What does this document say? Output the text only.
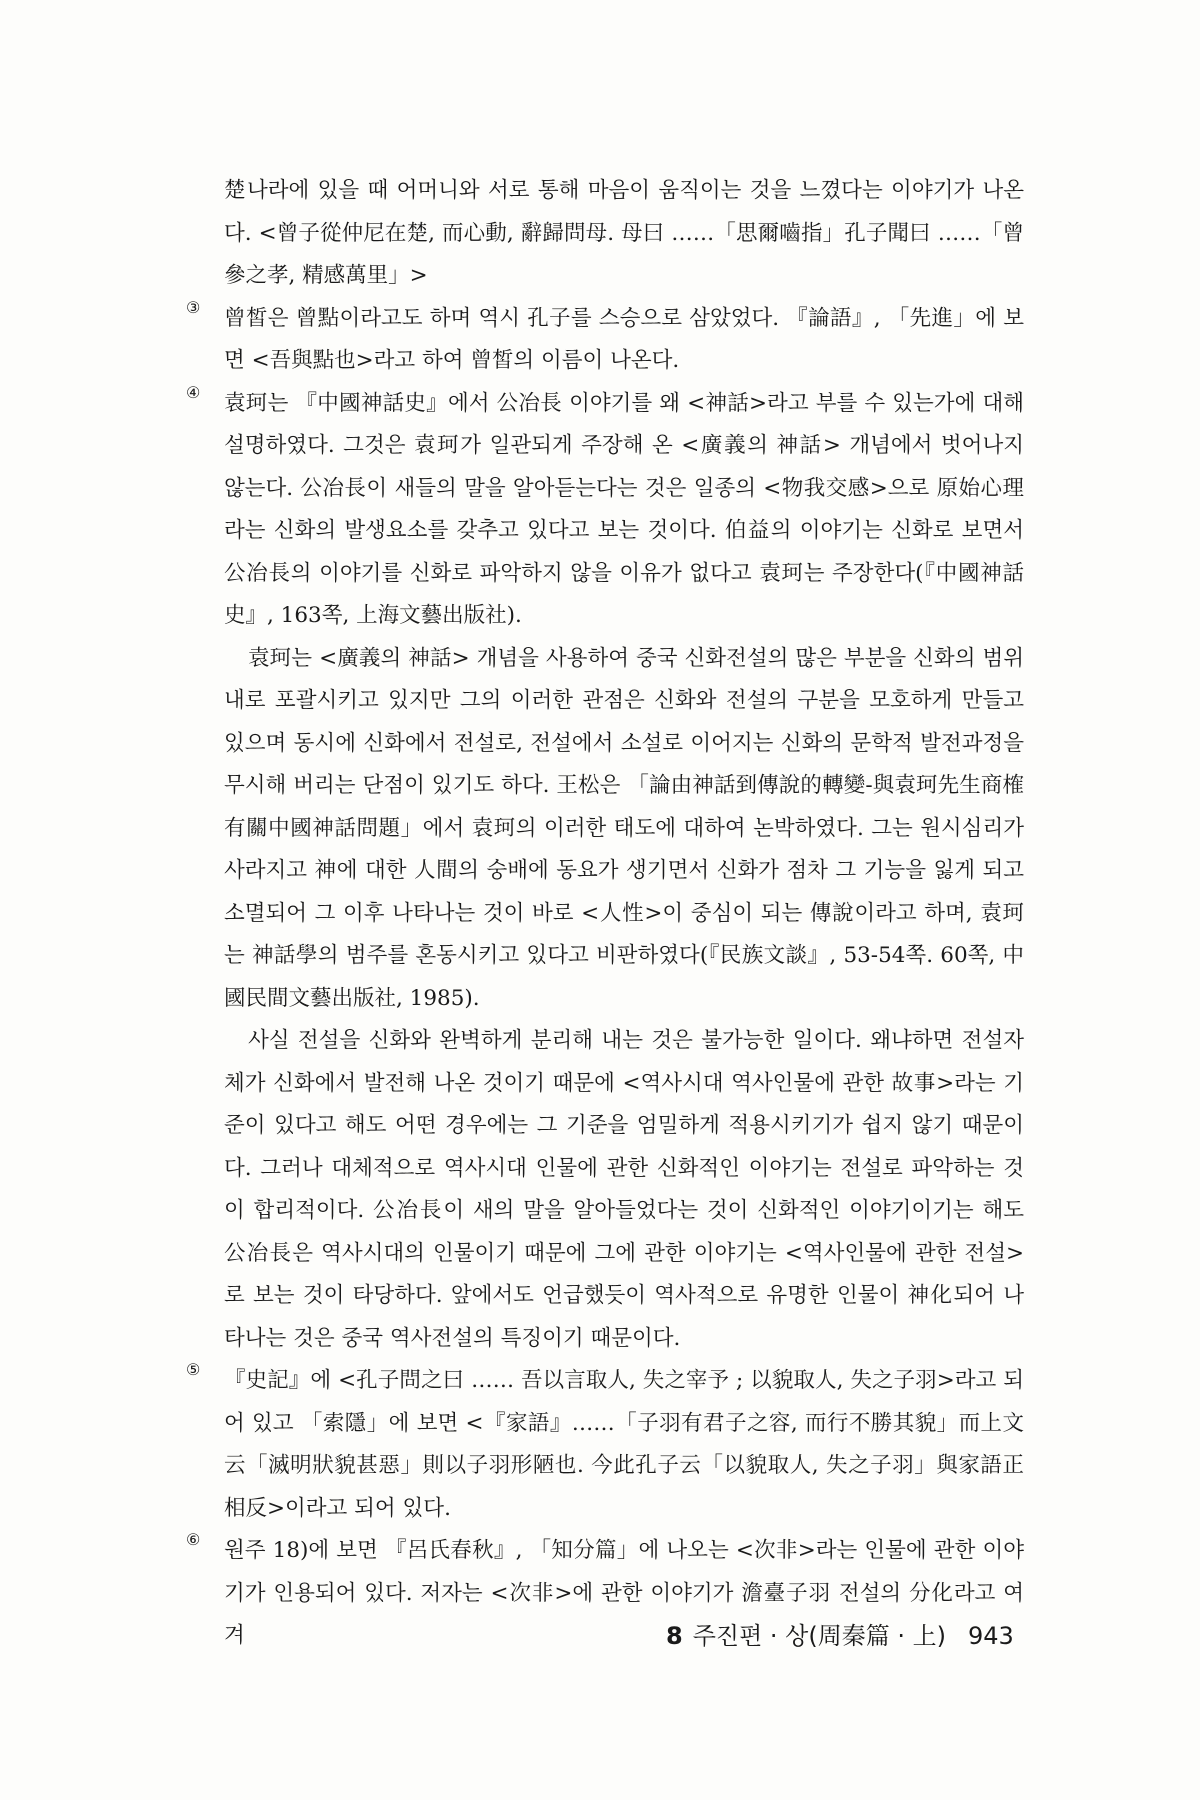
楚나라에 있을 때 어머니와 서로 통해 마음이 움직이는 것을 느꼈다는 이야기가 나온다. <曾子從仲尼在楚, 而心動, 辭歸問母. 母曰 ……「思爾嚙指」孔子聞曰 ……「曾參之孝, 精感萬里」>

③	曾皙은 曾點이라고도 하며 역시 孔子를 스승으로 삼았었다. 『論語』, 「先進」에 보면 <吾與點也>라고 하여 曾皙의 이름이 나온다.

④	袁珂는 『中國神話史』에서 公冶長 이야기를 왜 <神話>라고 부를 수 있는가에 대해 설명하였다. 그것은 袁珂가 일관되게 주장해 온 <廣義의 神話> 개념에서 벗어나지 않는다. 公冶長이 새들의 말을 알아듣는다는 것은 일종의 <物我交感>으로 原始心理라는 신화의 발생요소를 갖추고 있다고 보는 것이다. 伯益의 이야기는 신화로 보면서 公冶長의 이야기를 신화로 파악하지 않을 이유가 없다고 袁珂는 주장한다(『中國神話史』, 163쪽, 上海文藝出版社).

袁珂는 <廣義의 神話> 개념을 사용하여 중국 신화전설의 많은 부분을 신화의 범위 내로 포괄시키고 있지만 그의 이러한 관점은 신화와 전설의 구분을 모호하게 만들고 있으며 동시에 신화에서 전설로, 전설에서 소설로 이어지는 신화의 문학적 발전과정을 무시해 버리는 단점이 있기도 하다. 王松은 「論由神話到傳說的轉變-與袁珂先生商榷有關中國神話問題」에서 袁珂의 이러한 태도에 대하여 논박하였다. 그는 원시심리가 사라지고 神에 대한 人間의 숭배에 동요가 생기면서 신화가 점차 그 기능을 잃게 되고 소멸되어 그 이후 나타나는 것이 바로 <人性>이 중심이 되는 傳說이라고 하며, 袁珂는 神話學의 범주를 혼동시키고 있다고 비판하였다(『民族文談』, 53-54쪽. 60쪽, 中國民間文藝出版社, 1985).

사실 전설을 신화와 완벽하게 분리해 내는 것은 불가능한 일이다. 왜냐하면 전설자체가 신화에서 발전해 나온 것이기 때문에 <역사시대 역사인물에 관한 故事>라는 기준이 있다고 해도 어떤 경우에는 그 기준을 엄밀하게 적용시키기가 쉽지 않기 때문이다. 그러나 대체적으로 역사시대 인물에 관한 신화적인 이야기는 전설로 파악하는 것이 합리적이다. 公冶長이 새의 말을 알아들었다는 것이 신화적인 이야기이기는 해도 公冶長은 역사시대의 인물이기 때문에 그에 관한 이야기는 <역사인물에 관한 전설>로 보는 것이 타당하다. 앞에서도 언급했듯이 역사적으로 유명한 인물이 神化되어 나타나는 것은 중국 역사전설의 특징이기 때문이다.

⑤	『史記』에 <孔子問之曰 …… 吾以言取人, 失之宰予 ; 以貌取人, 失之子羽>라고 되어 있고 「索隱」에 보면 <『家語』……「子羽有君子之容, 而行不勝其貌」而上文云「滅明狀貌甚惡」則以子羽形陋也. 今此孔子云「以貌取人, 失之子羽」與家語正相反>이라고 되어 있다.

⑥	원주 18)에 보면 『呂氏春秋』, 「知分篇」에 나오는 <次非>라는 인물에 관한 이야기가 인용되어 있다. 저자는 <次非>에 관한 이야기가 澹臺子羽 전설의 分化라고 여겨	8 주진편 · 상(周秦篇 · 上) 943
